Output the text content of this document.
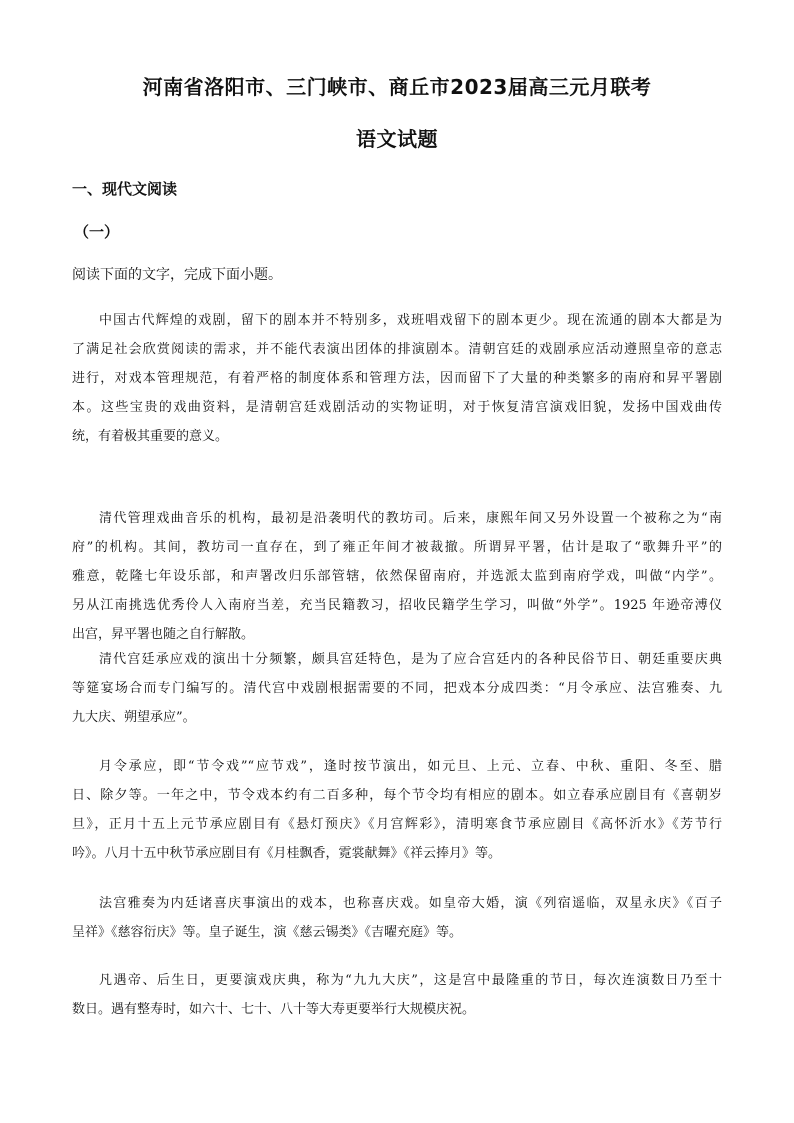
河南省洛阳市、三门峡市、商丘市2023届高三元月联考
语文试题
一、现代文阅读
（一）
阅读下面的文字，完成下面小题。
中国古代辉煌的戏剧，留下的剧本并不特别多，戏班唱戏留下的剧本更少。现在流通的剧本大都是为
了满足社会欣赏阅读的需求，并不能代表演出团体的排演剧本。清朝宫廷的戏剧承应活动遵照皇帝的意志
进行，对戏本管理规范，有着严格的制度体系和管理方法，因而留下了大量的种类繁多的南府和昇平署剧
本。这些宝贵的戏曲资料，是清朝宫廷戏剧活动的实物证明，对于恢复清宫演戏旧貌，发扬中国戏曲传
统，有着极其重要的意义。
清代管理戏曲音乐的机构，最初是沿袭明代的教坊司。后来，康熙年间又另外设置一个被称之为“南
府”的机构。其间，教坊司一直存在，到了雍正年间才被裁撤。所谓昇平署，估计是取了“歌舞升平”的
雅意，乾隆七年设乐部，和声署改归乐部管辖，依然保留南府，并选派太监到南府学戏，叫做“内学”。
另从江南挑选优秀伶人入南府当差，充当民籍教习，招收民籍学生学习，叫做“外学”。1925 年逊帝溥仪
出宫，昇平署也随之自行解散。
清代宫廷承应戏的演出十分频繁，颇具宫廷特色，是为了应合宫廷内的各种民俗节日、朝廷重要庆典
等筵宴场合而专门编写的。清代宫中戏剧根据需要的不同，把戏本分成四类：“月令承应、法宫雅奏、九
九大庆、朔望承应”。
月令承应，即“节令戏”“应节戏”，逢时按节演出，如元旦、上元、立春、中秋、重阳、冬至、腊
日、除夕等。一年之中，节令戏本约有二百多种，每个节令均有相应的剧本。如立春承应剧目有《喜朝岁
旦》，正月十五上元节承应剧目有《悬灯预庆》《月宫辉彩》，清明寒食节承应剧目《高怀沂水》《芳节行
吟》。八月十五中秋节承应剧目有《月桂飘香，霓裳献舞》《祥云捧月》等。
法宫雅奏为内廷诸喜庆事演出的戏本，也称喜庆戏。如皇帝大婚，演《列宿遥临，双星永庆》《百子
呈祥》《慈容衍庆》等。皇子诞生，演《慈云锡类》《吉曜充庭》等。
凡遇帝、后生日，更要演戏庆典，称为“九九大庆”，这是宫中最隆重的节日，每次连演数日乃至十
数日。遇有整寿时，如六十、七十、八十等大寿更要举行大规模庆祝。
